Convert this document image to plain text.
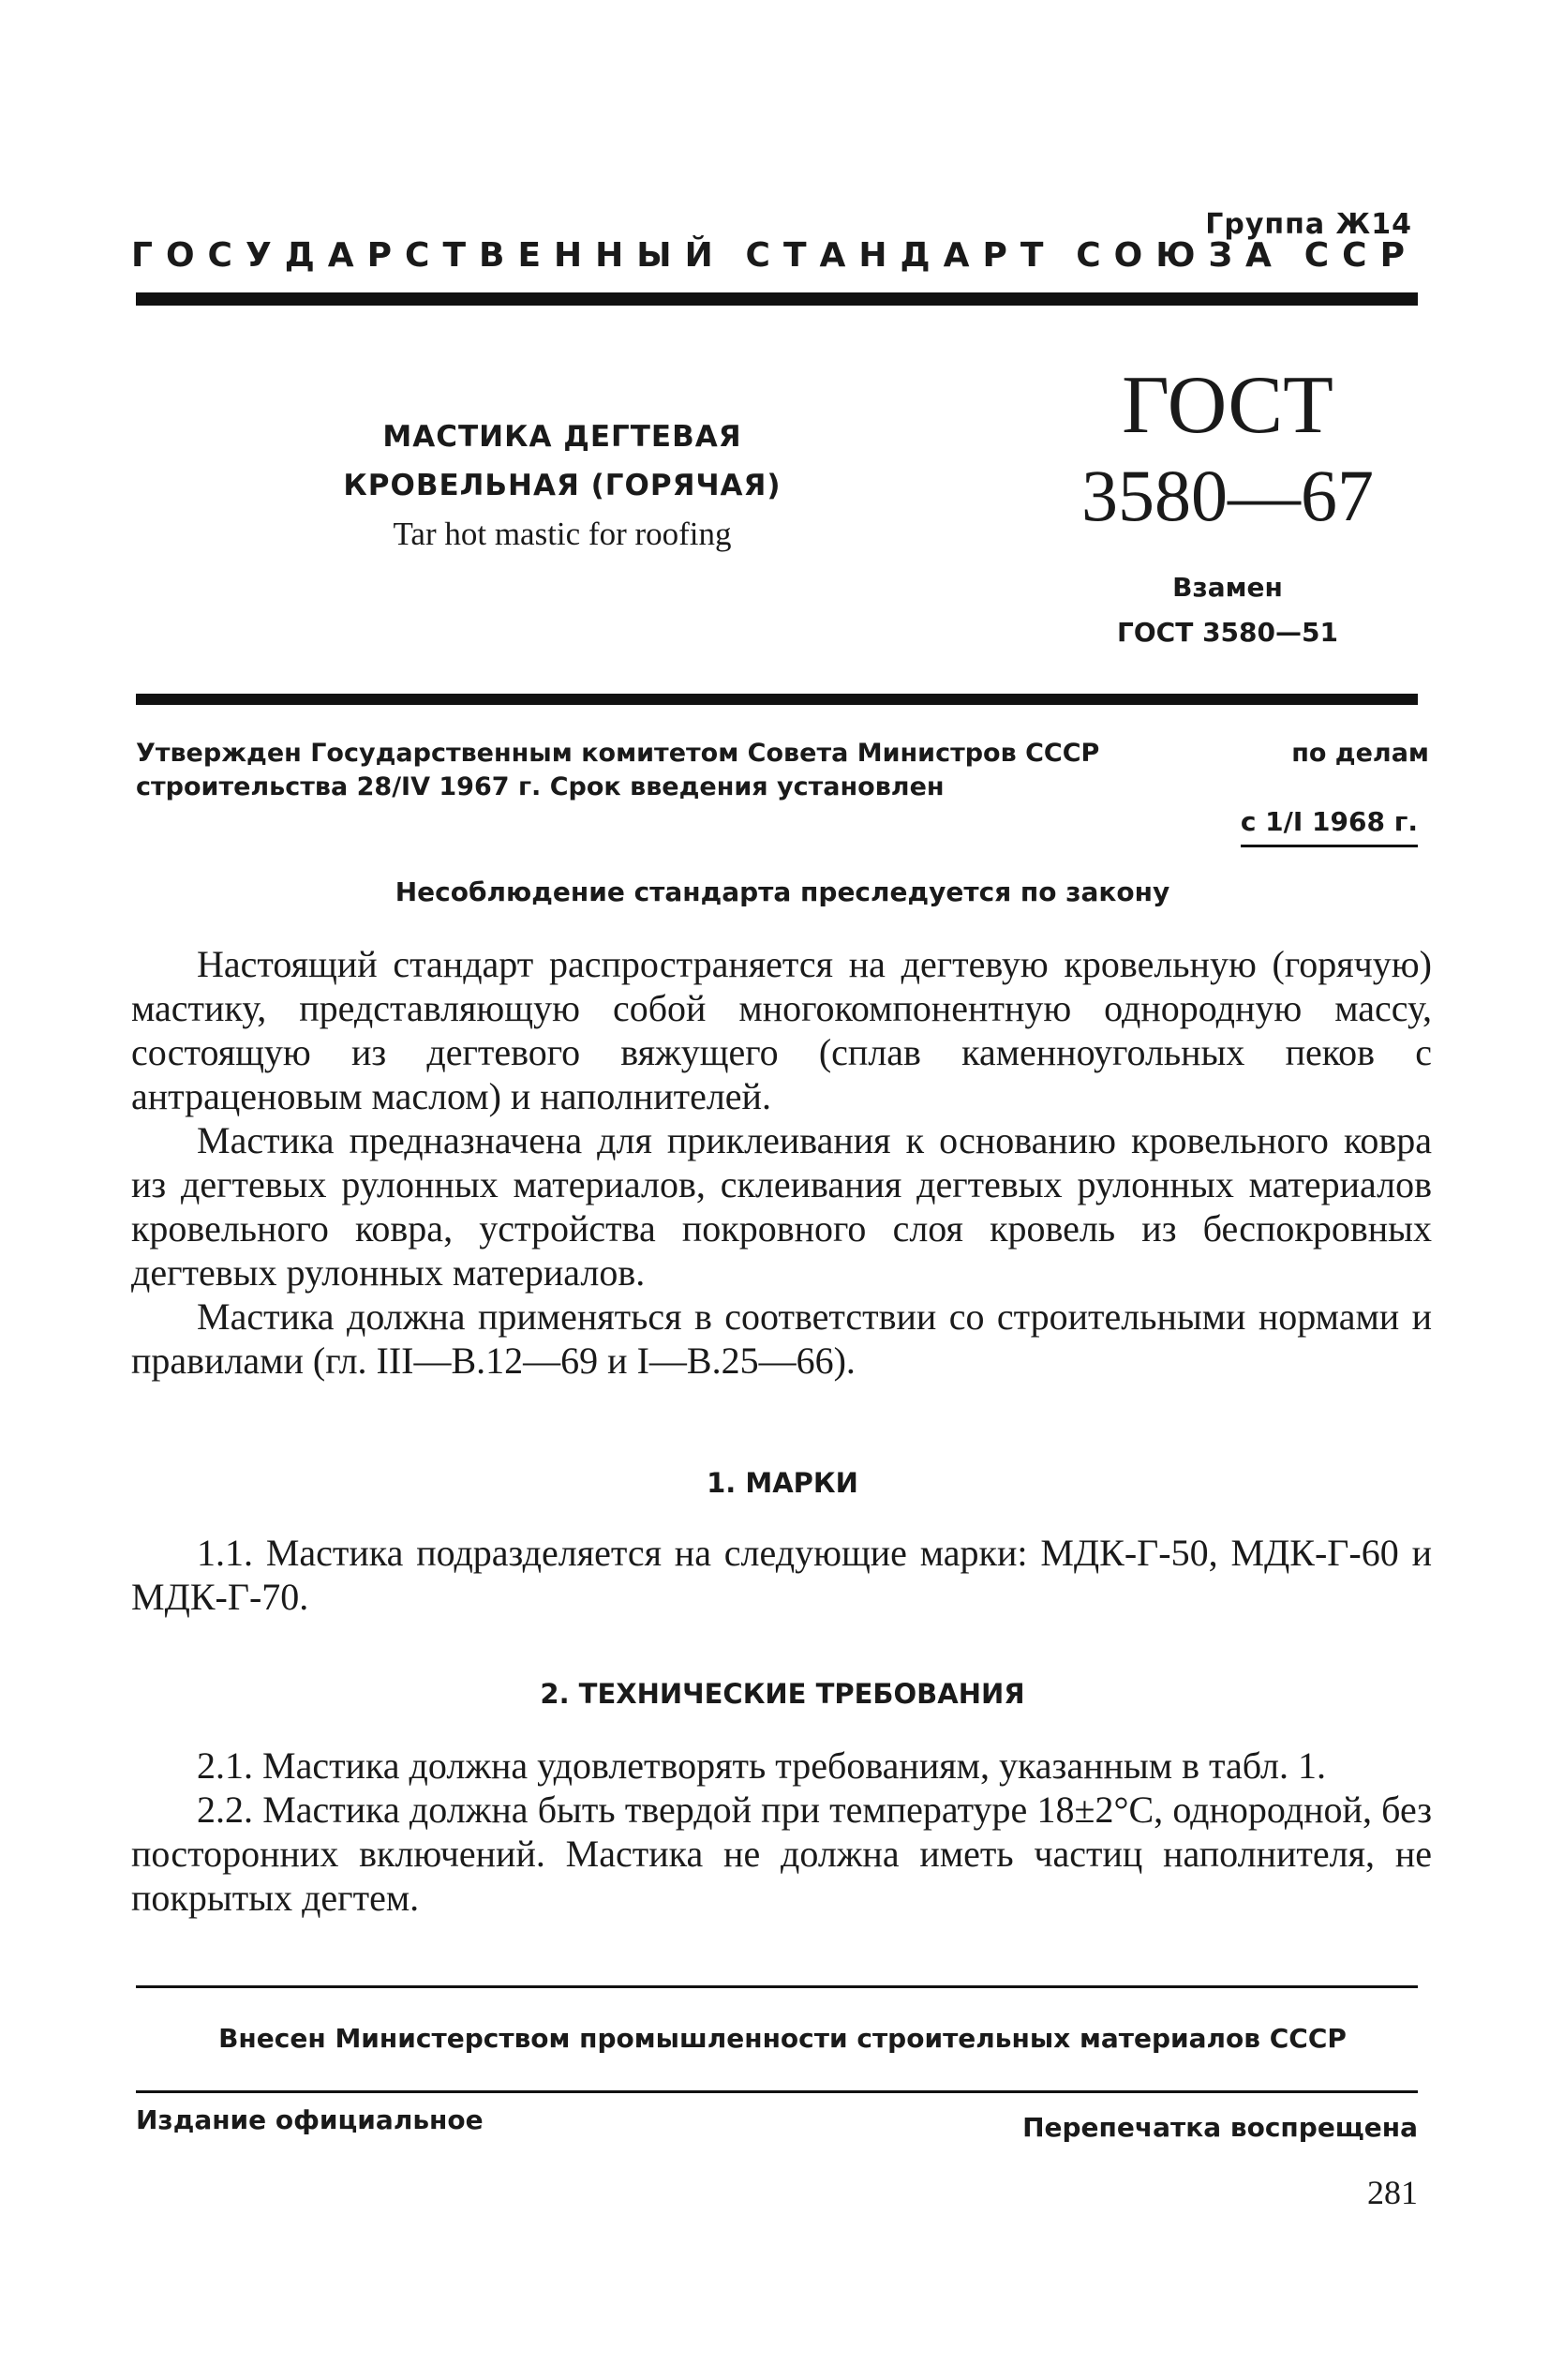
Группа Ж14
ГОСУДАРСТВЕННЫЙ СТАНДАРТ СОЮЗА ССР
МАСТИКА ДЕГТЕВАЯ
КРОВЕЛЬНАЯ (ГОРЯЧАЯ)
Tar hot mastic for roofing
ГОСТ
3580—67
Взамен
ГОСТ 3580—51
Утвержден Государственным комитетом Совета Министров СССР	по делам
строительства 28/IV 1967 г. Срок введения установлен
с 1/I 1968 г.
Несоблюдение стандарта преследуется по закону

Настоящий стандарт распространяется на дегтевую кровельную (горячую) мастику, представляющую собой многокомпонентную однородную массу, состоящую из дегтевого вяжущего (сплав каменноугольных пеков с антраценовым маслом) и наполнителей.

Мастика предназначена для приклеивания к основанию кровельного ковра из дегтевых рулонных материалов, склеивания дегтевых рулонных материалов кровельного ковра, устройства покровного слоя кровель из беспокровных дегтевых рулонных материалов.

Мастика должна применяться в соответствии со строительными нормами и правилами (гл. III—В.12—69 и I—В.25—66).

1. МАРКИ

1.1. Мастика подразделяется на следующие марки: МДК-Г-50, МДК-Г-60 и МДК-Г-70.

2. ТЕХНИЧЕСКИЕ ТРЕБОВАНИЯ

2.1. Мастика должна удовлетворять требованиям, указанным в табл. 1.

2.2. Мастика должна быть твердой при температуре 18±2°С, однородной, без посторонних включений. Мастика не должна иметь частиц наполнителя, не покрытых дегтем.

Внесен Министерством промышленности строительных материалов СССР
Издание официальное	Перепечатка воспрещена
281
